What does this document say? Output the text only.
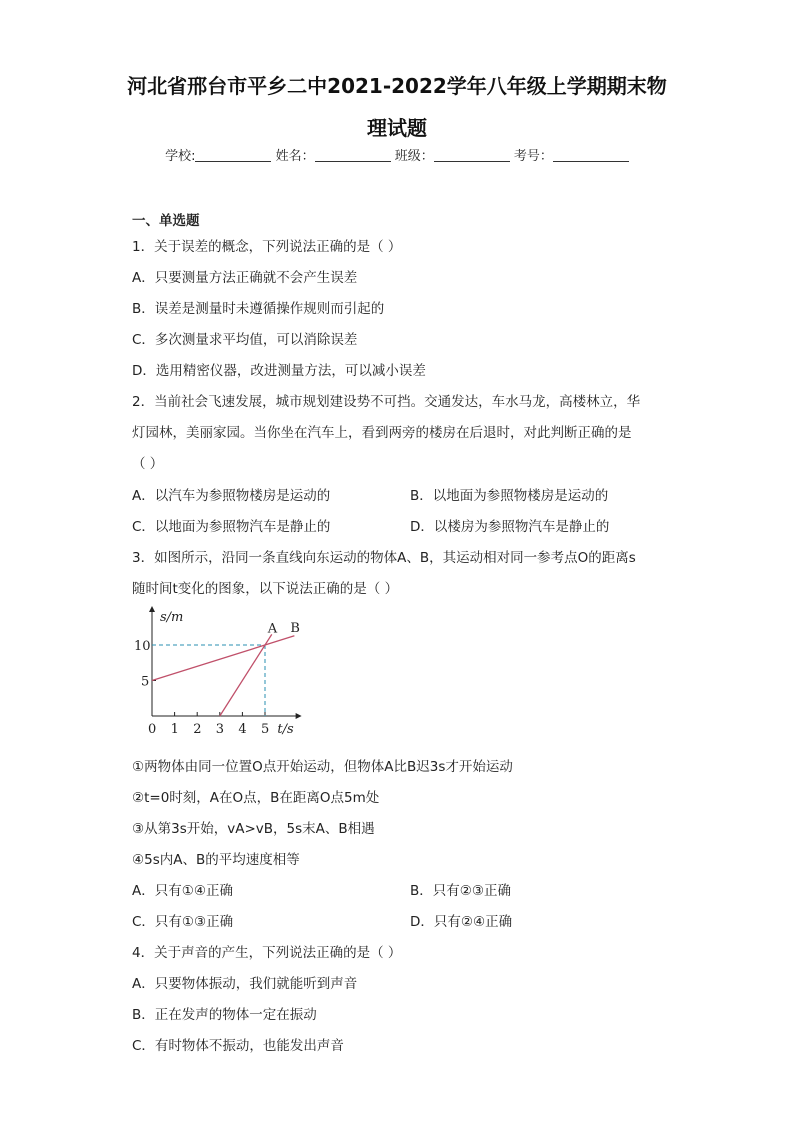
河北省邢台市平乡二中2021-2022学年八年级上学期期末物
理试题
学校:	姓名：	班级：	考号：
一、单选题
1．关于误差的概念，下列说法正确的是（ ）
A．只要测量方法正确就不会产生误差
B．误差是测量时未遵循操作规则而引起的
C．多次测量求平均值，可以消除误差
D．选用精密仪器，改进测量方法，可以减小误差
2．当前社会飞速发展，城市规划建设势不可挡。交通发达，车水马龙，高楼林立，华
灯园林，美丽家园。当你坐在汽车上，看到两旁的楼房在后退时，对此判断正确的是
（ ）
A．以汽车为参照物楼房是运动的	B．以地面为参照物楼房是运动的
C．以地面为参照物汽车是静止的	D．以楼房为参照物汽车是静止的
3．如图所示，沿同一条直线向东运动的物体A、B，其运动相对同一参考点O的距离s
随时间t变化的图象，以下说法正确的是（ ）
s/m
t/s
0 1 2 3 4 5
5
10
A B
①两物体由同一位置O点开始运动，但物体A比B迟3s才开始运动
②t=0时刻，A在O点，B在距离O点5m处
③从第3s开始，vA>vB，5s末A、B相遇
④5s内A、B的平均速度相等
A．只有①④正确	B．只有②③正确
C．只有①③正确	D．只有②④正确
4．关于声音的产生，下列说法正确的是（ ）
A．只要物体振动，我们就能听到声音
B．正在发声的物体一定在振动
C．有时物体不振动，也能发出声音
